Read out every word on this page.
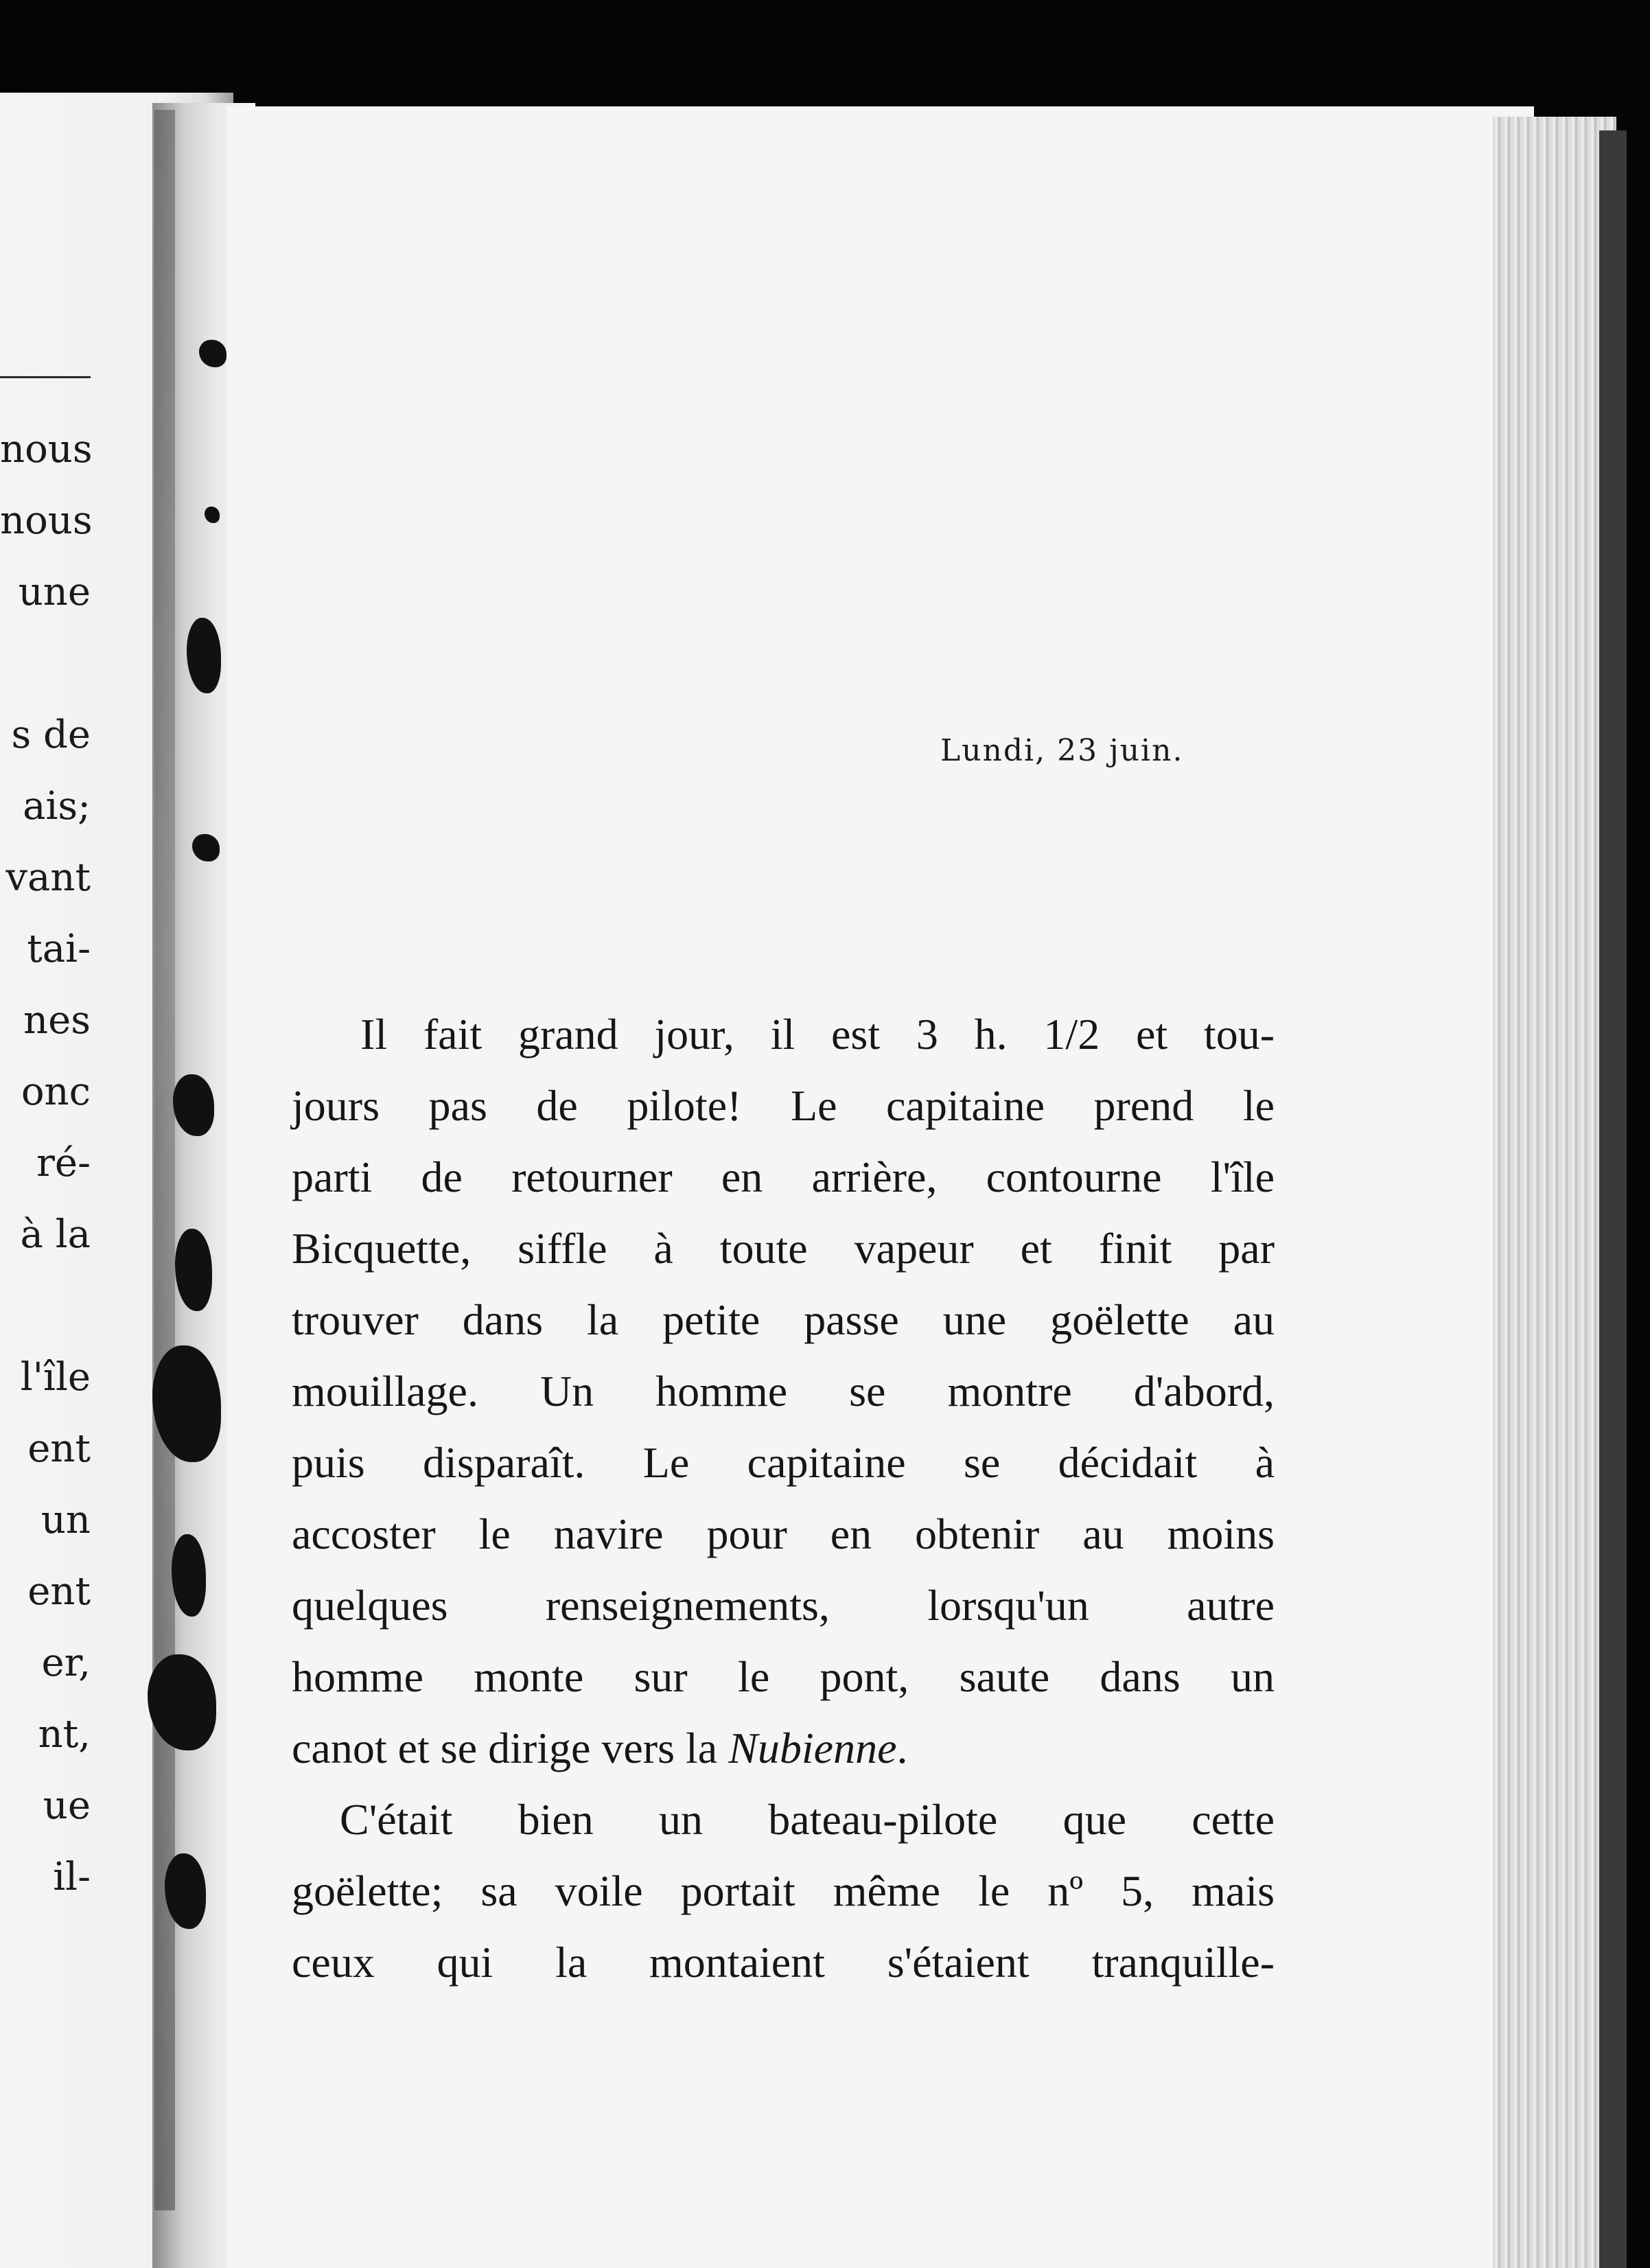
nous
nous
une
s de
ais;
vant
tai-
nes
onc
ré-
à la
l'île
ent
un
ent
er,
nt,
ue
il-
Lundi, 23 juin.
Il fait grand jour, il est 3 h. 1/2 et tou-
jours pas de pilote! Le capitaine prend le
parti de retourner en arrière, contourne l'île
Bicquette, siffle à toute vapeur et finit par
trouver dans la petite passe une goëlette au
mouillage. Un homme se montre d'abord,
puis disparaît. Le capitaine se décidait à
accoster le navire pour en obtenir au moins
quelques renseignements, lorsqu'un autre
homme monte sur le pont, saute dans un
canot et se dirige vers la Nubienne.
C'était bien un bateau-pilote que cette
goëlette; sa voile portait même le nº 5, mais
ceux qui la montaient s'étaient tranquille-
